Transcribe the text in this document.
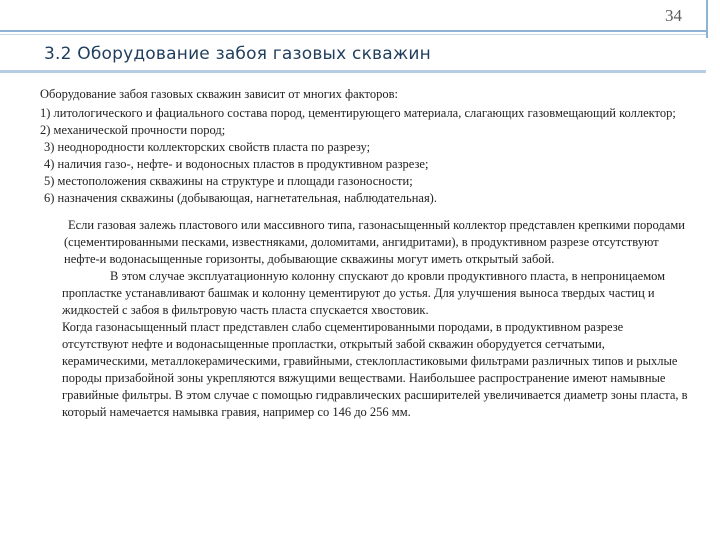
34
3.2 Оборудование забоя газовых скважин

Оборудование забоя газовых скважин зависит от многих факторов:

1) литологического и фациального состава пород, цементирующего материала, слагающих газовмещающий коллектор;
2) механической прочности пород;
3) неоднородности коллекторских свойств пласта по разрезу;
4) наличия газо-, нефте- и водоносных пластов в продуктивном разрезе;
5) местоположения скважины на структуре и площади газоносности;
6) назначения скважины (добывающая, нагнетательная, наблюдательная).

Если газовая залежь пластового или массивного типа, газонасыщенный коллектор представлен крепкими породами (сцементированными песками, известняками, доломитами, ангидритами), в продуктивном разрезе отсутствуют нефте-и водонасыщенные горизонты, добывающие скважины могут иметь открытый забой.

В этом случае эксплуатационную колонну спускают до кровли продуктивного пласта, в непроницаемом пропластке устанавливают башмак и колонну цементируют до устья. Для улучшения выноса твердых частиц и жидкостей с забоя в фильтровую часть пласта спускается хвостовик.

Когда газонасыщенный пласт представлен слабо сцементированными породами, в продуктивном разрезе отсутствуют нефте и водонасыщенные пропластки, открытый забой скважин оборудуется сетчатыми, керамическими, металлокерамическими, гравийными, стеклопластиковыми фильтрами различных типов и рыхлые породы призабойной зоны укрепляются вяжущими веществами. Наибольшее распространение имеют намывные гравийные фильтры. В этом случае с помощью гидравлических расширителей увеличивается диаметр зоны пласта, в который намечается намывка гравия, например со 146 до 256 мм.
